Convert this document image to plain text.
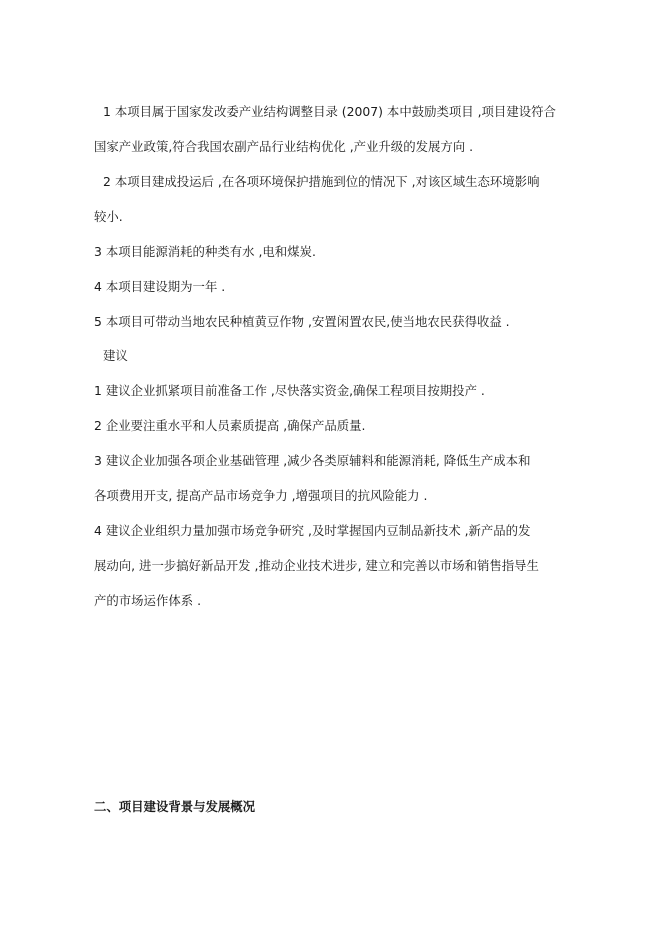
1 本项目属于国家发改委产业结构调整目录 (2007) 本中鼓励类项目 ,项目建设符合
国家产业政策,符合我国农副产品行业结构优化 ,产业升级的发展方向 .
2 本项目建成投运后 ,在各项环境保护措施到位的情况下 ,对该区域生态环境影响
较小.
3 本项目能源消耗的种类有水 ,电和煤炭.
4 本项目建设期为一年 .
5 本项目可带动当地农民种植黄豆作物 ,安置闲置农民,使当地农民获得收益 .
建议
1 建议企业抓紧项目前准备工作 ,尽快落实资金,确保工程项目按期投产 .
2 企业要注重水平和人员素质提高 ,确保产品质量.
3 建议企业加强各项企业基础管理 ,减少各类原辅料和能源消耗, 降低生产成本和
各项费用开支, 提高产品市场竞争力 ,增强项目的抗风险能力 .
4 建议企业组织力量加强市场竞争研究 ,及时掌握国内豆制品新技术 ,新产品的发
展动向, 进一步搞好新品开发 ,推动企业技术进步, 建立和完善以市场和销售指导生
产的市场运作体系 .
二、项目建设背景与发展概况
